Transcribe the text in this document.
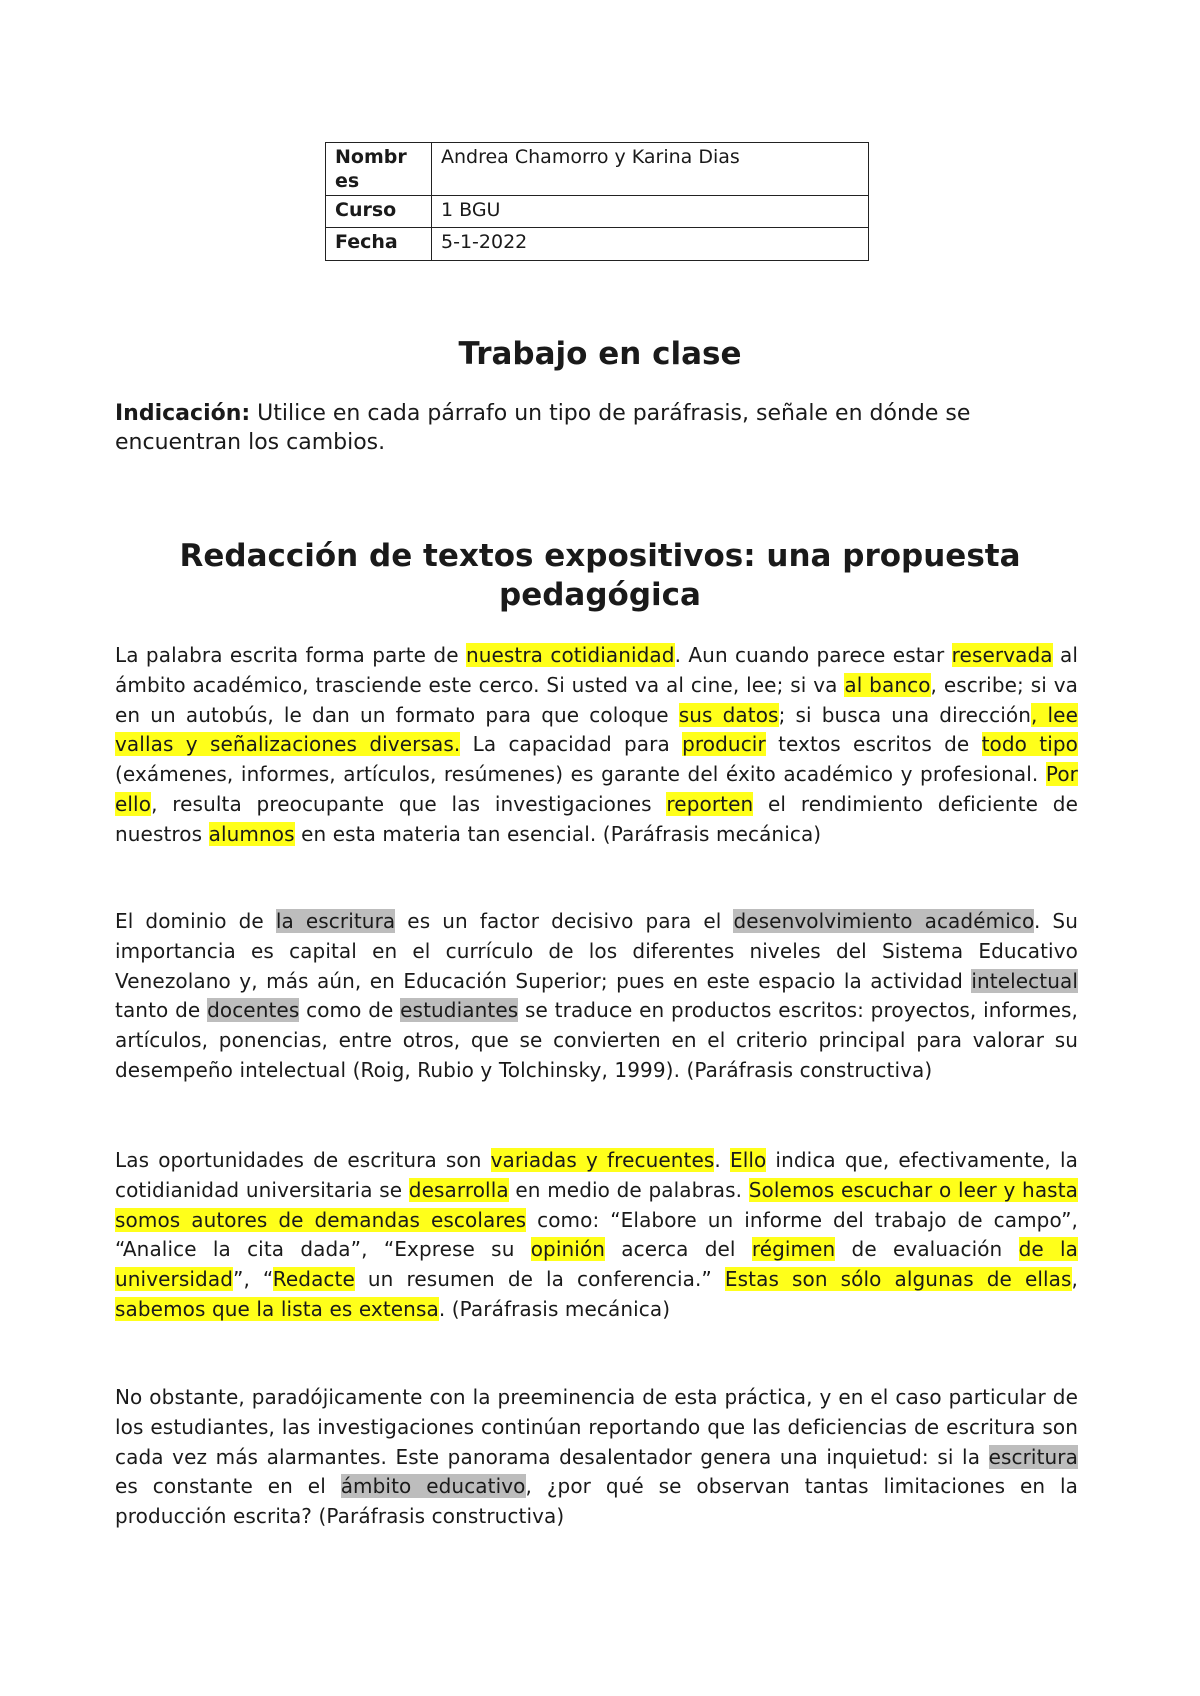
Nombr es	Andrea Chamorro y Karina Dias
Curso	1 BGU
Fecha	5-1-2022
Trabajo en clase

Indicación: Utilice en cada párrafo un tipo de paráfrasis, señale en dónde se encuentran los cambios.

Redacción de textos expositivos: una propuesta pedagógica

La palabra escrita forma parte de nuestra cotidianidad. Aun cuando parece estar reservada al ámbito académico, trasciende este cerco. Si usted va al cine, lee; si va al banco, escribe; si va en un autobús, le dan un formato para que coloque sus datos; si busca una dirección, lee vallas y señalizaciones diversas. La capacidad para producir textos escritos de todo tipo (exámenes, informes, artículos, resúmenes) es garante del éxito académico y profesional. Por ello, resulta preocupante que las investigaciones reporten el rendimiento deficiente de nuestros alumnos en esta materia tan esencial. (Paráfrasis mecánica)

El dominio de la escritura es un factor decisivo para el desenvolvimiento académico. Su importancia es capital en el currículo de los diferentes niveles del Sistema Educativo Venezolano y, más aún, en Educación Superior; pues en este espacio la actividad intelectual tanto de docentes como de estudiantes se traduce en productos escritos: proyectos, informes, artículos, ponencias, entre otros, que se convierten en el criterio principal para valorar su desempeño intelectual (Roig, Rubio y Tolchinsky, 1999). (Paráfrasis constructiva)

Las oportunidades de escritura son variadas y frecuentes. Ello indica que, efectivamente, la cotidianidad universitaria se desarrolla en medio de palabras. Solemos escuchar o leer y hasta somos autores de demandas escolares como: “Elabore un informe del trabajo de campo”, “Analice la cita dada”, “Exprese su opinión acerca del régimen de evaluación de la universidad”, “Redacte un resumen de la conferencia.” Estas son sólo algunas de ellas, sabemos que la lista es extensa. (Paráfrasis mecánica)

No obstante, paradójicamente con la preeminencia de esta práctica, y en el caso particular de los estudiantes, las investigaciones continúan reportando que las deficiencias de escritura son cada vez más alarmantes. Este panorama desalentador genera una inquietud: si la escritura es constante en el ámbito educativo, ¿por qué se observan tantas limitaciones en la producción escrita? (Paráfrasis constructiva)
